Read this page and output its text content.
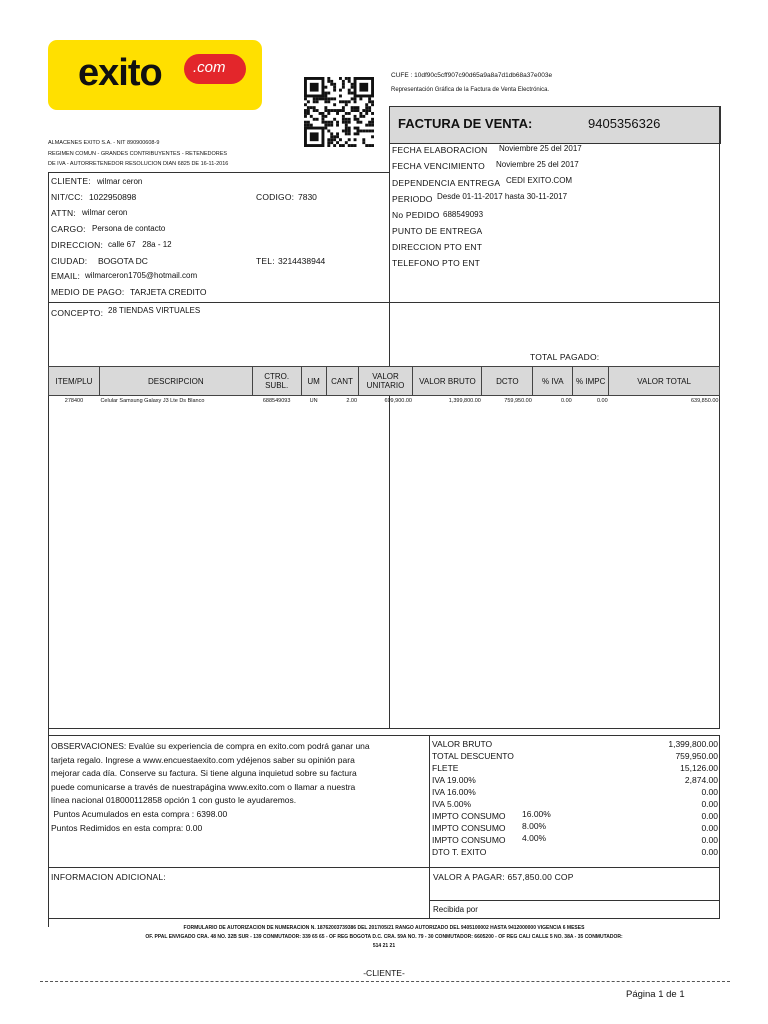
exito .com	CUFE : 10df90c5cff907c90d65a9a8a7d1db68a37e003e
Representación Gráfica de la Factura de Venta Electrónica.
ALMACENES EXITO S.A. - NIT 890900608-9
REGIMEN COMUN - GRANDES CONTRIBUYENTES - RETENEDORES
DE IVA - AUTORRETENEDOR RESOLUCION DIAN 6825 DE 16-11-2016
FACTURA DE VENTA:	9405356326
CLIENTE: wilmar ceron
NIT/CC: 1022950898	CODIGO: 7830
ATTN: wilmar ceron
CARGO: Persona de contacto
DIRECCION: calle 67   28a - 12
CIUDAD: BOGOTA DC	TEL: 3214438944
EMAIL: wilmarceron1705@hotmail.com
MEDIO DE PAGO: TARJETA CREDITO
FECHA ELABORACION Noviembre 25 del 2017
FECHA VENCIMIENTO Noviembre 25 del 2017
DEPENDENCIA ENTREGA CEDI EXITO.COM
PERIODO Desde 01-11-2017 hasta 30-11-2017
No PEDIDO 688549093
PUNTO DE ENTREGA
DIRECCION PTO ENT
TELEFONO PTO ENT
CONCEPTO: 28 TIENDAS VIRTUALES
TOTAL PAGADO:
ITEM/PLU	DESCRIPCION	CTRO. SUBL.	UM	CANT	VALOR UNITARIO	VALOR BRUTO	DCTO	% IVA	% IMPC	VALOR TOTAL
278400	Celular Samsung Galaxy J3 Lte Ds Blanco	688549093	UN	2.00	699,900.00	1,399,800.00	759,950.00	0.00	0.00	639,850.00
OBSERVACIONES: Evalúe su experiencia de compra en exito.com podrá ganar una
tarjeta regalo. Ingrese a www.encuestaexito.com ydéjenos saber su opinión para
mejorar cada día. Conserve su factura. Si tiene alguna inquietud sobre su factura
puede comunicarse a través de nuestrapágina www.exito.com o llamar a nuestra
línea nacional 018000112858 opción 1 con gusto le ayudaremos.
Puntos Acumulados en esta compra : 6398.00
Puntos Redimidos en esta compra: 0.00
VALOR BRUTO	1,399,800.00
TOTAL DESCUENTO	759,950.00
FLETE	15,126.00
IVA 19.00%	2,874.00
IVA 16.00%	0.00
IVA 5.00%	0.00
IMPTO CONSUMO 16.00%	0.00
IMPTO CONSUMO 8.00%	0.00
IMPTO CONSUMO 4.00%	0.00
DTO T. EXITO	0.00
INFORMACION ADICIONAL:	VALOR A PAGAR: 657,850.00 COP
Recibida por
FORMULARIO DE AUTORIZACION DE NUMERACION N. 18762003739386 DEL 2017/05/21 RANGO AUTORIZADO DEL 9405100002 HASTA 9412000000 VIGENCIA 6 MESES
OF. PPAL ENVIGADO CRA. 48 NO. 32B SUR - 139 CONMUTADOR: 339 65 65 - OF REG BOGOTA D.C. CRA. 59A NO. 79 - 30 CONMUTADOR: 6605200 - OF REG CALI CALLE 5 NO. 38A - 35 CONMUTADOR:
514 21 21
-CLIENTE-
Página 1 de 1
